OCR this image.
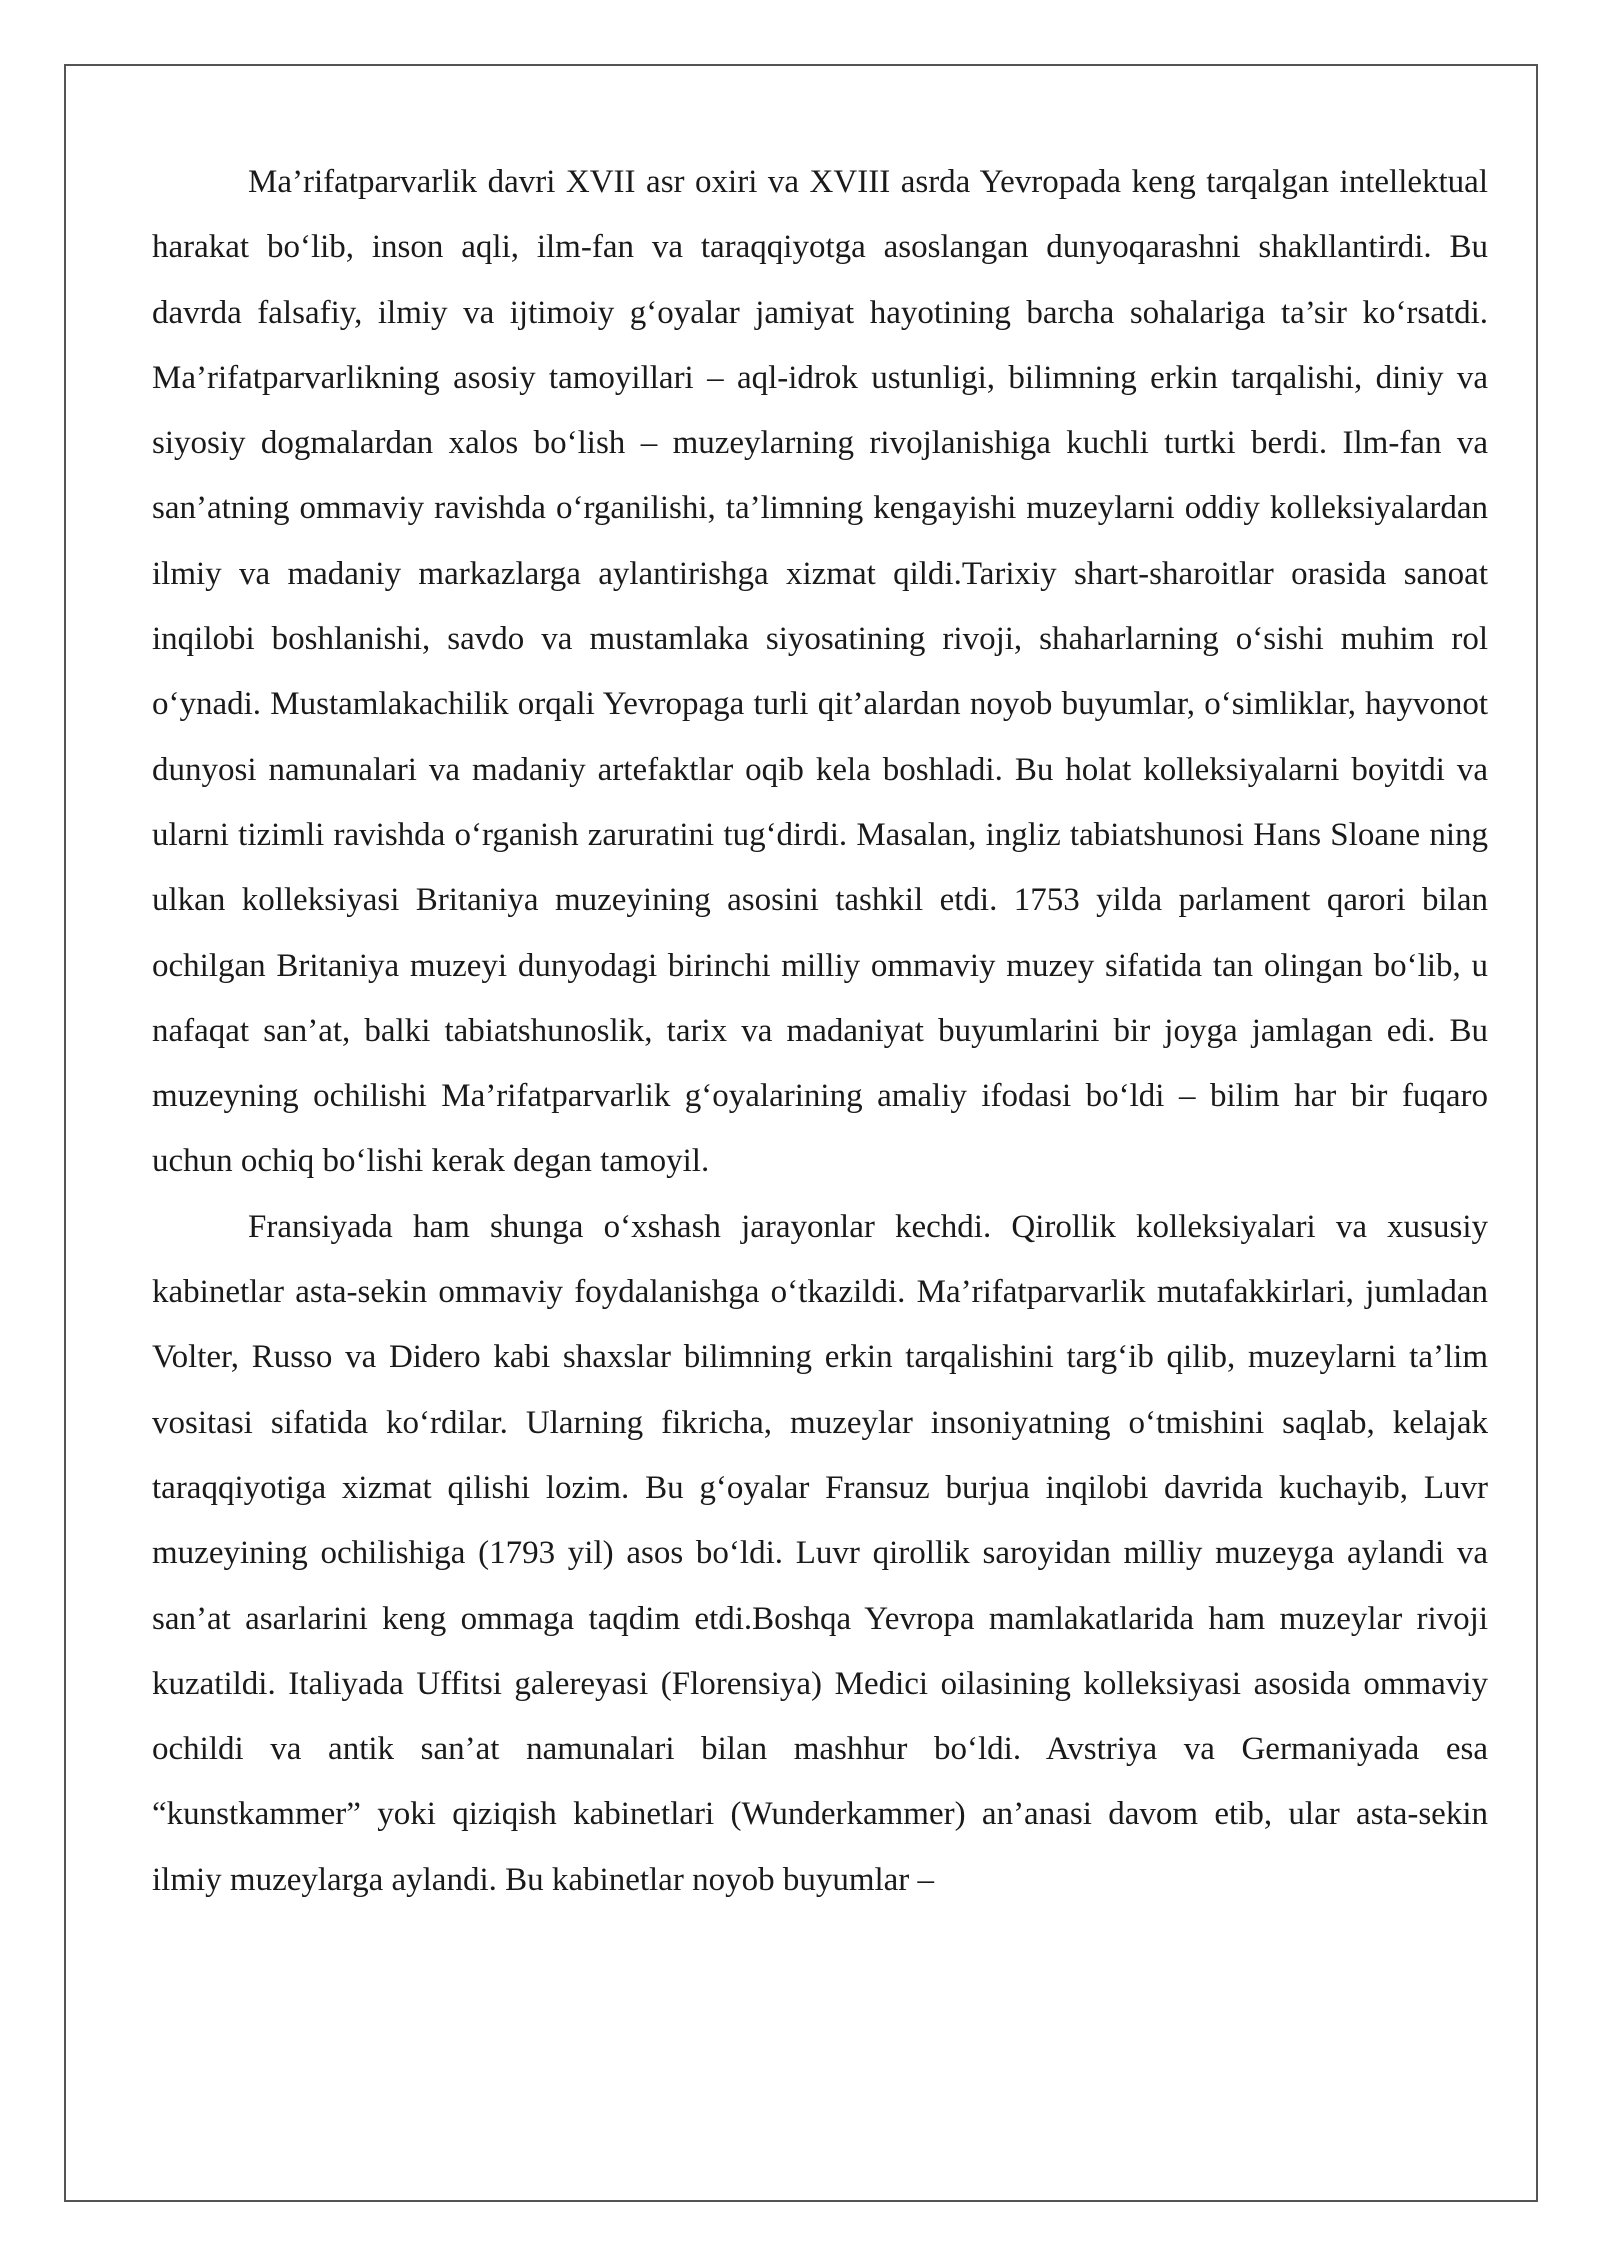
Ma’rifatparvarlik davri XVII asr oxiri va XVIII asrda Yevropada keng tarqalgan intellektual harakat bo‘lib, inson aqli, ilm-fan va taraqqiyotga asoslangan dunyoqarashni shakllantirdi. Bu davrda falsafiy, ilmiy va ijtimoiy g‘oyalar jamiyat hayotining barcha sohalariga ta’sir ko‘rsatdi. Ma’rifatparvarlikning asosiy tamoyillari – aql-idrok ustunligi, bilimning erkin tarqalishi, diniy va siyosiy dogmalardan xalos bo‘lish – muzeylarning rivojlanishiga kuchli turtki berdi. Ilm-fan va san’atning ommaviy ravishda o‘rganilishi, ta’limning kengayishi muzeylarni oddiy kolleksiyalardan ilmiy va madaniy markazlarga aylantirishga xizmat qildi.Tarixiy shart-sharoitlar orasida sanoat inqilobi boshlanishi, savdo va mustamlaka siyosatining rivoji, shaharlarning o‘sishi muhim rol o‘ynadi. Mustamlakachilik orqali Yevropaga turli qit’alardan noyob buyumlar, o‘simliklar, hayvonot dunyosi namunalari va madaniy artefaktlar oqib kela boshladi. Bu holat kolleksiyalarni boyitdi va ularni tizimli ravishda o‘rganish zaruratini tug‘dirdi. Masalan, ingliz tabiatshunosi Hans Sloane ning ulkan kolleksiyasi Britaniya muzeyining asosini tashkil etdi. 1753 yilda parlament qarori bilan ochilgan Britaniya muzeyi dunyodagi birinchi milliy ommaviy muzey sifatida tan olingan bo‘lib, u nafaqat san’at, balki tabiatshunoslik, tarix va madaniyat buyumlarini bir joyga jamlagan edi. Bu muzeyning ochilishi Ma’rifatparvarlik g‘oyalarining amaliy ifodasi bo‘ldi – bilim har bir fuqaro uchun ochiq bo‘lishi kerak degan tamoyil.

Fransiyada ham shunga o‘xshash jarayonlar kechdi. Qirollik kolleksiyalari va xususiy kabinetlar asta-sekin ommaviy foydalanishga o‘tkazildi. Ma’rifatparvarlik mutafakkirlari, jumladan Volter, Russo va Didero kabi shaxslar bilimning erkin tarqalishini targ‘ib qilib, muzeylarni ta’lim vositasi sifatida ko‘rdilar. Ularning fikricha, muzeylar insoniyatning o‘tmishini saqlab, kelajak taraqqiyotiga xizmat qilishi lozim. Bu g‘oyalar Fransuz burjua inqilobi davrida kuchayib, Luvr muzeyining ochilishiga (1793 yil) asos bo‘ldi. Luvr qirollik saroyidan milliy muzeyga aylandi va san’at asarlarini keng ommaga taqdim etdi.Boshqa Yevropa mamlakatlarida ham muzeylar rivoji kuzatildi. Italiyada Uffitsi galereyasi (Florensiya) Medici oilasining kolleksiyasi asosida ommaviy ochildi va antik san’at namunalari bilan mashhur bo‘ldi. Avstriya va Germaniyada esa “kunstkammer” yoki qiziqish kabinetlari (Wunderkammer) an’anasi davom etib, ular asta-sekin ilmiy muzeylarga aylandi. Bu kabinetlar noyob buyumlar –
